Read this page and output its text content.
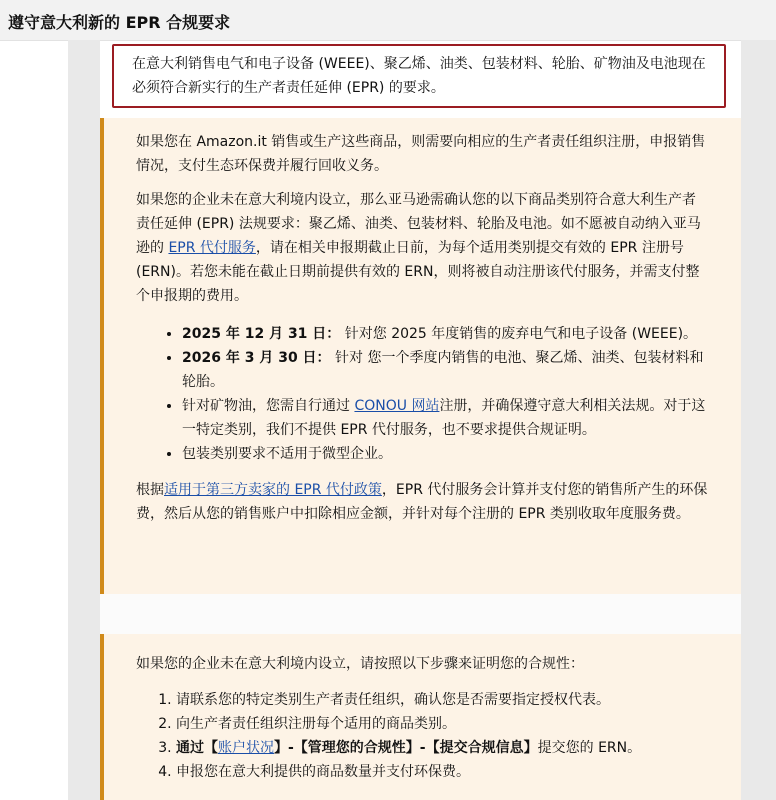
遵守意大利新的 EPR 合规要求
在意大利销售电气和电子设备 (WEEE)、聚乙烯、油类、包装材料、轮胎、矿物油及电池现在必须符合新实行的生产者责任延伸 (EPR) 的要求。

如果您在 Amazon.it 销售或生产这些商品，则需要向相应的生产者责任组织注册，申报销售情况，支付生态环保费并履行回收义务。

如果您的企业未在意大利境内设立，那么亚马逊需确认您的以下商品类别符合意大利生产者责任延伸 (EPR) 法规要求：聚乙烯、油类、包装材料、轮胎及电池。如不愿被自动纳入亚马逊的 EPR 代付服务，请在相关申报期截止日前，为每个适用类别提交有效的 EPR 注册号 (ERN)。若您未能在截止日期前提供有效的 ERN，则将被自动注册该代付服务，并需支付整个申报期的费用。

• 2025 年 12 月 31 日： 针对您 2025 年度销售的废弃电气和电子设备 (WEEE)。
• 2026 年 3 月 30 日： 针对 您一个季度内销售的电池、聚乙烯、油类、包装材料和轮胎。
• 针对矿物油，您需自行通过 CONOU 网站注册，并确保遵守意大利相关法规。对于这一特定类别，我们不提供 EPR 代付服务，也不要求提供合规证明。
• 包装类别要求不适用于微型企业。

根据适用于第三方卖家的 EPR 代付政策，EPR 代付服务会计算并支付您的销售所产生的环保费，然后从您的销售账户中扣除相应金额，并针对每个注册的 EPR 类别收取年度服务费。

如果您的企业未在意大利境内设立，请按照以下步骤来证明您的合规性：

1. 请联系您的特定类别生产者责任组织，确认您是否需要指定授权代表。
2. 向生产者责任组织注册每个适用的商品类别。
3. 通过【账户状况】-【管理您的合规性】-【提交合规信息】提交您的 ERN。
4. 申报您在意大利提供的商品数量并支付环保费。
